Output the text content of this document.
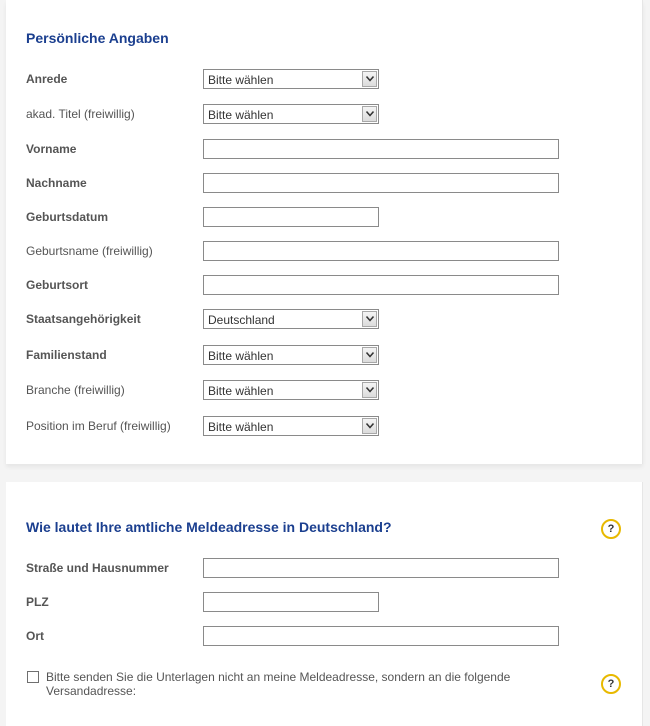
Persönliche Angaben
Anrede	Bitte wählen
akad. Titel (freiwillig)	Bitte wählen
Vorname
Nachname
Geburtsdatum
Geburtsname (freiwillig)
Geburtsort
Staatsangehörigkeit	Deutschland
Familienstand	Bitte wählen
Branche (freiwillig)	Bitte wählen
Position im Beruf (freiwillig)	Bitte wählen
Wie lautet Ihre amtliche Meldeadresse in Deutschland?	?
Straße und Hausnummer
PLZ
Ort
Bitte senden Sie die Unterlagen nicht an meine Meldeadresse, sondern an die folgende Versandadresse:	?
